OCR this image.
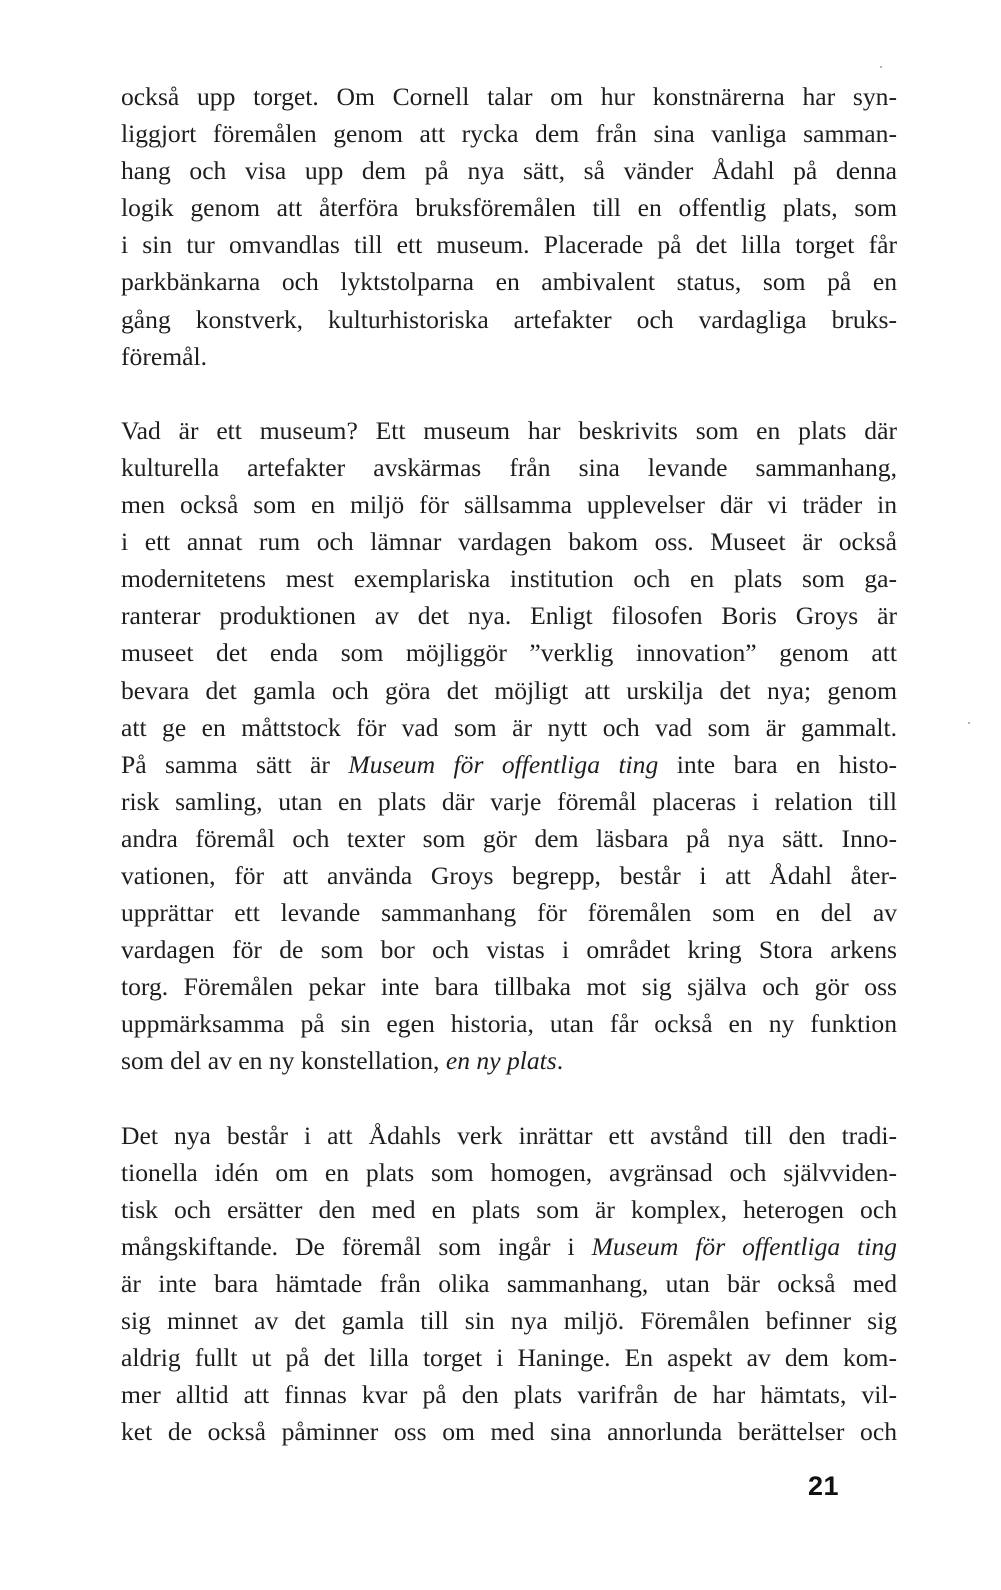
också upp torget. Om Cornell talar om hur konstnärerna har syn-
liggjort föremålen genom att rycka dem från sina vanliga samman-
hang och visa upp dem på nya sätt, så vänder Ådahl på denna
logik genom att återföra bruksföremålen till en offentlig plats, som
i sin tur omvandlas till ett museum. Placerade på det lilla torget får
parkbänkarna och lyktstolparna en ambivalent status, som på en
gång konstverk, kulturhistoriska artefakter och vardagliga bruks-
föremål.
Vad är ett museum? Ett museum har beskrivits som en plats där
kulturella artefakter avskärmas från sina levande sammanhang,
men också som en miljö för sällsamma upplevelser där vi träder in
i ett annat rum och lämnar vardagen bakom oss. Museet är också
modernitetens mest exemplariska institution och en plats som ga-
ranterar produktionen av det nya. Enligt filosofen Boris Groys är
museet det enda som möjliggör ”verklig innovation” genom att
bevara det gamla och göra det möjligt att urskilja det nya; genom
att ge en måttstock för vad som är nytt och vad som är gammalt.
På samma sätt är Museum för offentliga ting inte bara en histo-
risk samling, utan en plats där varje föremål placeras i relation till
andra föremål och texter som gör dem läsbara på nya sätt. Inno-
vationen, för att använda Groys begrepp, består i att Ådahl åter-
upprättar ett levande sammanhang för föremålen som en del av
vardagen för de som bor och vistas i området kring Stora arkens
torg. Föremålen pekar inte bara tillbaka mot sig själva och gör oss
uppmärksamma på sin egen historia, utan får också en ny funktion
som del av en ny konstellation, en ny plats.
Det nya består i att Ådahls verk inrättar ett avstånd till den tradi-
tionella idén om en plats som homogen, avgränsad och självviden-
tisk och ersätter den med en plats som är komplex, heterogen och
mångskiftande. De föremål som ingår i Museum för offentliga ting
är inte bara hämtade från olika sammanhang, utan bär också med
sig minnet av det gamla till sin nya miljö. Föremålen befinner sig
aldrig fullt ut på det lilla torget i Haninge. En aspekt av dem kom-
mer alltid att finnas kvar på den plats varifrån de har hämtats, vil-
ket de också påminner oss om med sina annorlunda berättelser och
21
